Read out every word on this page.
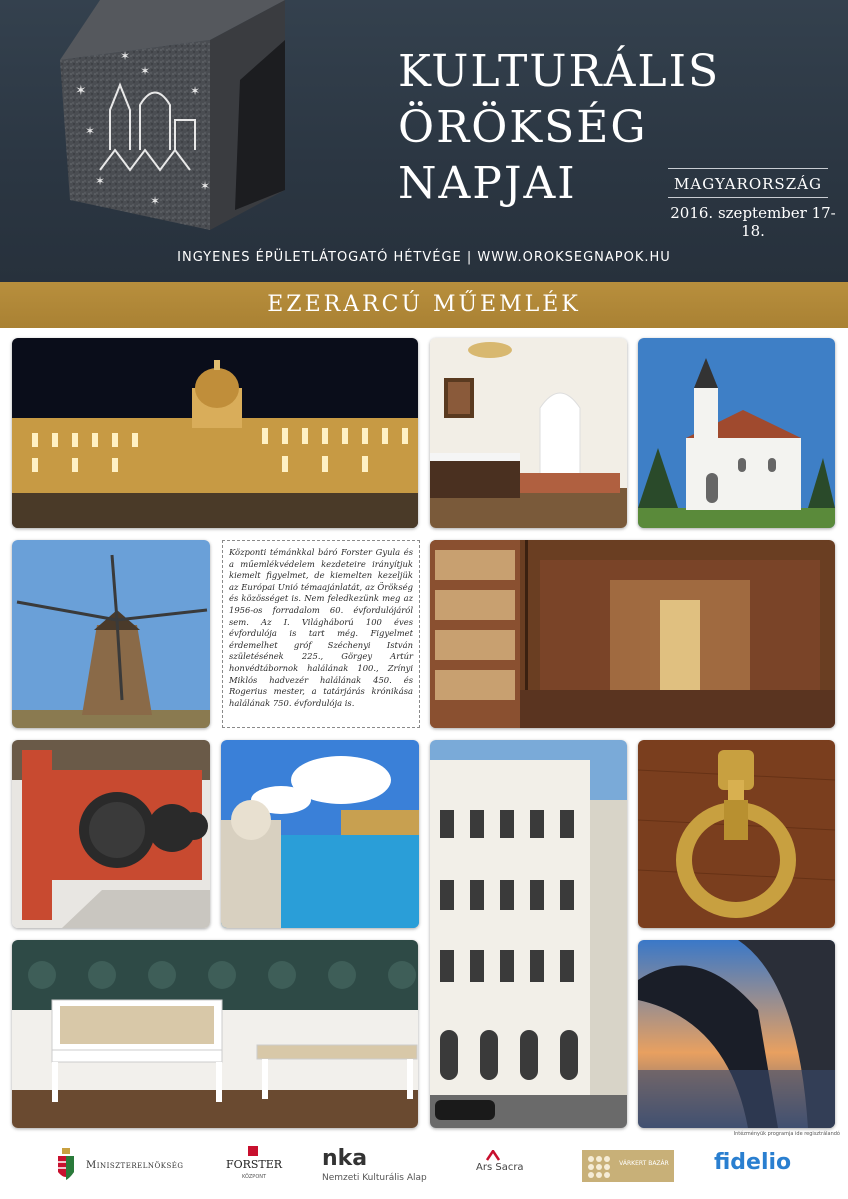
✶
✶
✶
✶
✶
✶
✶
✶	KULTURÁLIS
ÖRÖKSÉG
NAPJAI	MAGYARORSZÁG
2016. szeptember 17-18.
INGYENES ÉPÜLETLÁTOGATÓ HÉTVÉGE | WWW.OROKSEGNAPOK.HU
EZERARCÚ MŰEMLÉK

Központi témánkkal báró Forster Gyula és a műemlékvédelem kezdeteire irányítjuk kiemelt figyelmet, de kiemelten kezeljük az Európai Unió témaajánlatát, az Örökség és közösséget is. Nem feledkezünk meg az 1956-os forradalom 60. évfordulójáról sem. Az I. Világháború 100 éves évfordulója is tart még. Figyelmet érdemelhet gróf Széchenyi István születésének 225., Görgey Artúr honvédtábornok halálának 100., Zrínyi Miklós hadvezér halálának 450. és Rogerius mester, a tatárjárás krónikása halálának 750. évfordulója is.

Intézményük programja ide regisztrálandó
Miniszterelnökség	FORSTER
KÖZPONT
nka
Nemzeti Kulturális Alap
Ars Sacra	VÁRKERT BAZÁR fidelio
